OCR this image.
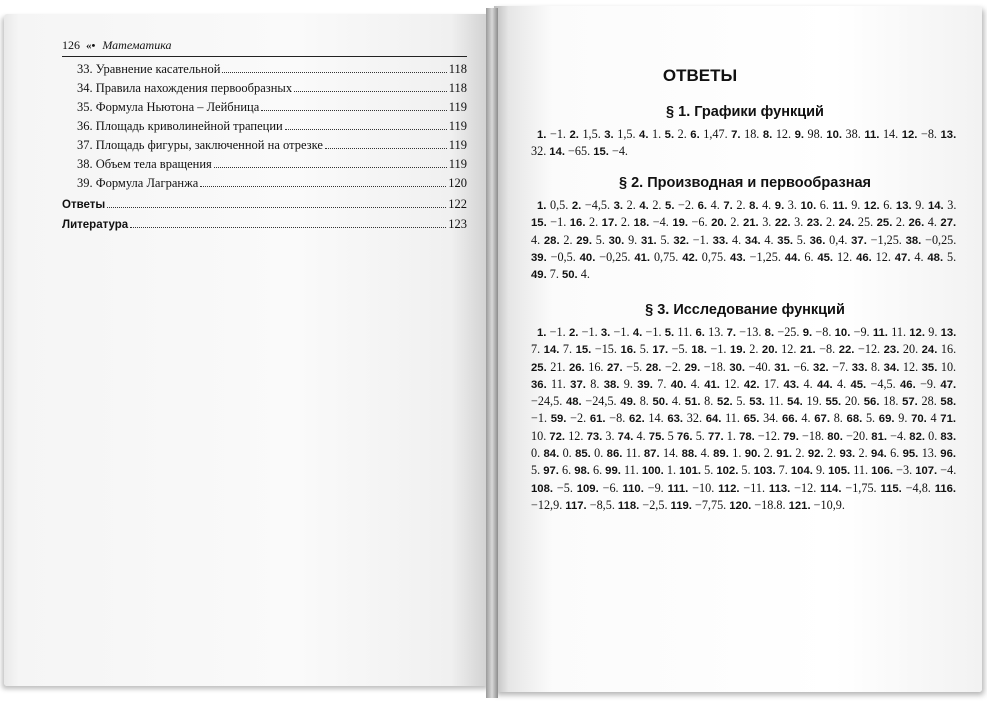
126 «• Математика
33. Уравнение касательной	118
34. Правила нахождения первообразных	118
35. Формула Ньютона – Лейбница	119
36. Площадь криволинейной трапеции	119
37. Площадь фигуры, заключенной на отрезке	119
38. Объем тела вращения	119
39. Формула Лагранжа	120
Ответы	122
Литература	123
ОТВЕТЫ
§ 1. Графики функций
1. −1. 2. 1,5. 3. 1,5. 4. 1. 5. 2. 6. 1,47. 7. 18. 8. 12. 9. 98. 10. 38. 11. 14. 12. −8. 13. 32. 14. −65. 15. −4.
§ 2. Производная и первообразная
1. 0,5. 2. −4,5. 3. 2. 4. 2. 5. −2. 6. 4. 7. 2. 8. 4. 9. 3. 10. 6. 11. 9. 12. 6. 13. 9. 14. 3. 15. −1. 16. 2. 17. 2. 18. −4. 19. −6. 20. 2. 21. 3. 22. 3. 23. 2. 24. 25. 25. 2. 26. 4. 27. 4. 28. 2. 29. 5. 30. 9. 31. 5. 32. −1. 33. 4. 34. 4. 35. 5. 36. 0,4. 37. −1,25. 38. −0,25. 39. −0,5. 40. −0,25. 41. 0,75. 42. 0,75. 43. −1,25. 44. 6. 45. 12. 46. 12. 47. 4. 48. 5. 49. 7. 50. 4.
§ 3. Исследование функций
1. −1. 2. −1. 3. −1. 4. −1. 5. 11. 6. 13. 7. −13. 8. −25. 9. −8. 10. −9. 11. 11. 12. 9. 13. 7. 14. 7. 15. −15. 16. 5. 17. −5. 18. −1. 19. 2. 20. 12. 21. −8. 22. −12. 23. 20. 24. 16. 25. 21. 26. 16. 27. −5. 28. −2. 29. −18. 30. −40. 31. −6. 32. −7. 33. 8. 34. 12. 35. 10. 36. 11. 37. 8. 38. 9. 39. 7. 40. 4. 41. 12. 42. 17. 43. 4. 44. 4. 45. −4,5. 46. −9. 47. −24,5. 48. −24,5. 49. 8. 50. 4. 51. 8. 52. 5. 53. 11. 54. 19. 55. 20. 56. 18. 57. 28. 58. −1. 59. −2. 61. −8. 62. 14. 63. 32. 64. 11. 65. 34. 66. 4. 67. 8. 68. 5. 69. 9. 70. 4 71. 10. 72. 12. 73. 3. 74. 4. 75. 5 76. 5. 77. 1. 78. −12. 79. −18. 80. −20. 81. −4. 82. 0. 83. 0. 84. 0. 85. 0. 86. 11. 87. 14. 88. 4. 89. 1. 90. 2. 91. 2. 92. 2. 93. 2. 94. 6. 95. 13. 96. 5. 97. 6. 98. 6. 99. 11. 100. 1. 101. 5. 102. 5. 103. 7. 104. 9. 105. 11. 106. −3. 107. −4. 108. −5. 109. −6. 110. −9. 111. −10. 112. −11. 113. −12. 114. −1,75. 115. −4,8. 116. −12,9. 117. −8,5. 118. −2,5. 119. −7,75. 120. −18.8. 121. −10,9.
